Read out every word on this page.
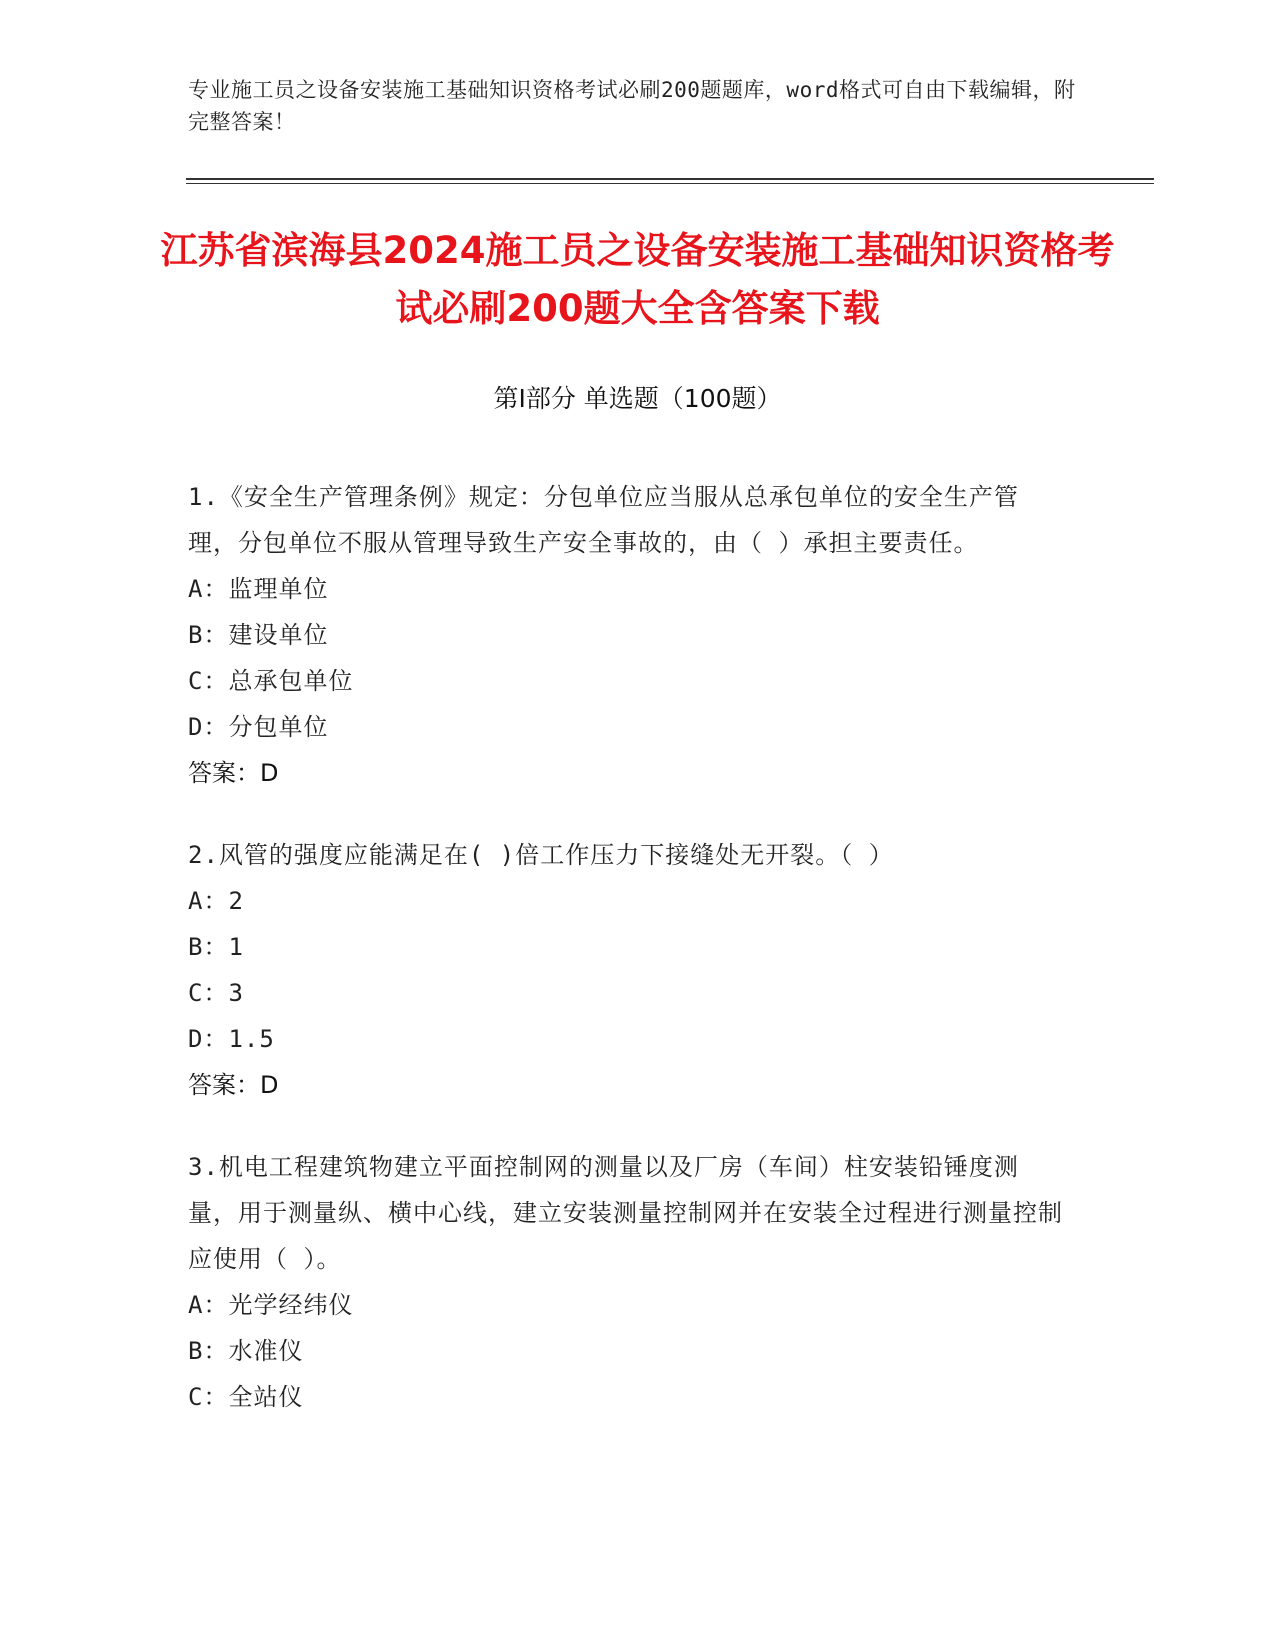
专业施工员之设备安装施工基础知识资格考试必刷200题题库，word格式可自由下载编辑，附完整答案！
江苏省滨海县2024施工员之设备安装施工基础知识资格考试必刷200题大全含答案下载
第Ⅰ部分 单选题（100题）
1.《安全生产管理条例》规定：分包单位应当服从总承包单位的安全生产管理，分包单位不服从管理导致生产安全事故的，由（ ）承担主要责任。
A：监理单位
B：建设单位
C：总承包单位
D：分包单位
答案：D
2.风管的强度应能满足在( )倍工作压力下接缝处无开裂。（ ）
A：2
B：1
C：3
D：1.5
答案：D
3.机电工程建筑物建立平面控制网的测量以及厂房（车间）柱安装铅锤度测量，用于测量纵、横中心线，建立安装测量控制网并在安装全过程进行测量控制应使用（ ）。
A：光学经纬仪
B：水准仪
C：全站仪
